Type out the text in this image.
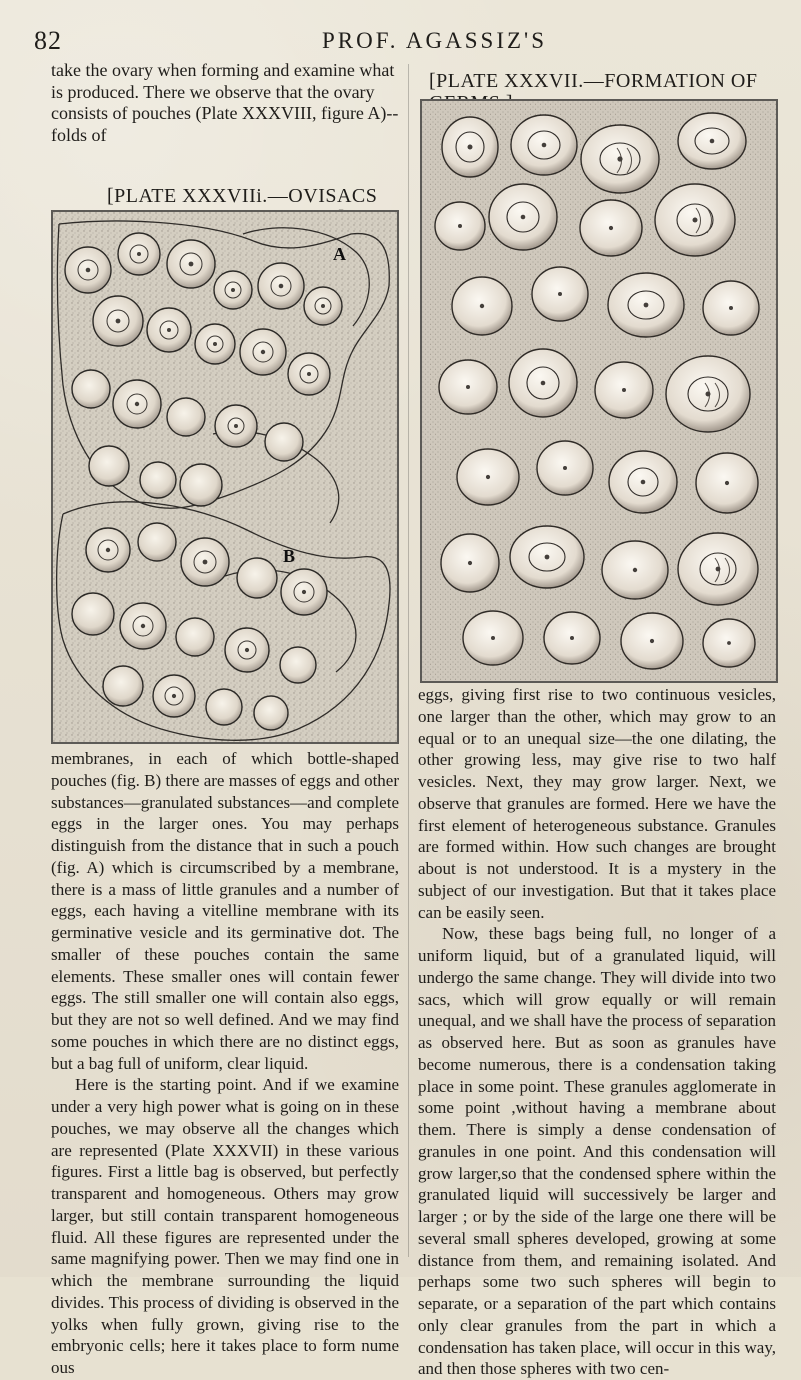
82	PROF. AGASSIZ'S
take the ovary when forming and examine what is produced. There we observe that the ovary consists of pouches (Plate XXXVIII, figure A)--folds of
[PLATE XXXVIIi.—OVISACS
A
B

membranes, in each of which bottle-shaped pouches (fig. B) there are masses of eggs and other substances—granulated substances—and complete eggs in the larger ones. You may perhaps distinguish from the distance that in such a pouch (fig. A) which is circumscribed by a membrane, there is a mass of little granules and a number of eggs, each having a vitelline membrane with its germinative vesicle and its germinative dot. The smaller of these pouches contain the same elements. These smaller ones will contain fewer eggs. The still smaller one will contain also eggs, but they are not so well defined. And we may find some pouches in which there are no distinct eggs, but a bag full of uniform, clear liquid.

Here is the starting point. And if we examine under a very high power what is going on in these pouches, we may observe all the changes which are represented (Plate XXXVII) in these various figures. First a little bag is observed, but perfectly transparent and homogeneous. Others may grow larger, but still contain transparent homogeneous fluid. All these figures are represented under the same magnifying power. Then we may find one in which the membrane surrounding the liquid divides. This process of dividing is observed in the yolks when fully grown, giving rise to the embryonic cells; here it takes place to form nume ous

[PLATE XXXVII.—FORMATION OF

eggs, giving first rise to two continuous vesicles, one larger than the other, which may grow to an equal or to an unequal size—the one dilating, the other growing less, may give rise to two half vesicles. Next, they may grow larger. Next, we observe that granules are formed. Here we have the first element of heterogeneous substance. Granules are formed within. How such changes are brought about is not understood. It is a mystery in the subject of our investigation. But that it takes place can be easily seen.

Now, these bags being full, no longer of a uniform liquid, but of a granulated liquid, will undergo the same change. They will divide into two sacs, which will grow equally or will remain unequal, and we shall have the process of separation as observed here. But as soon as granules have become numerous, there is a condensation taking place in some point. These granules agglomerate in some point ,without having a membrane about them. There is simply a dense condensation of granules in one point. And this condensation will grow larger,so that the condensed sphere within the granulated liquid will successively be larger and larger ; or by the side of the large one there will be several small spheres developed, growing at some distance from them, and remaining isolated. And perhaps some two such spheres will begin to separate, or a separation of the part which contains only clear granules from the part in which a condensation has taken place, will occur in this way, and then those spheres with two cen-
